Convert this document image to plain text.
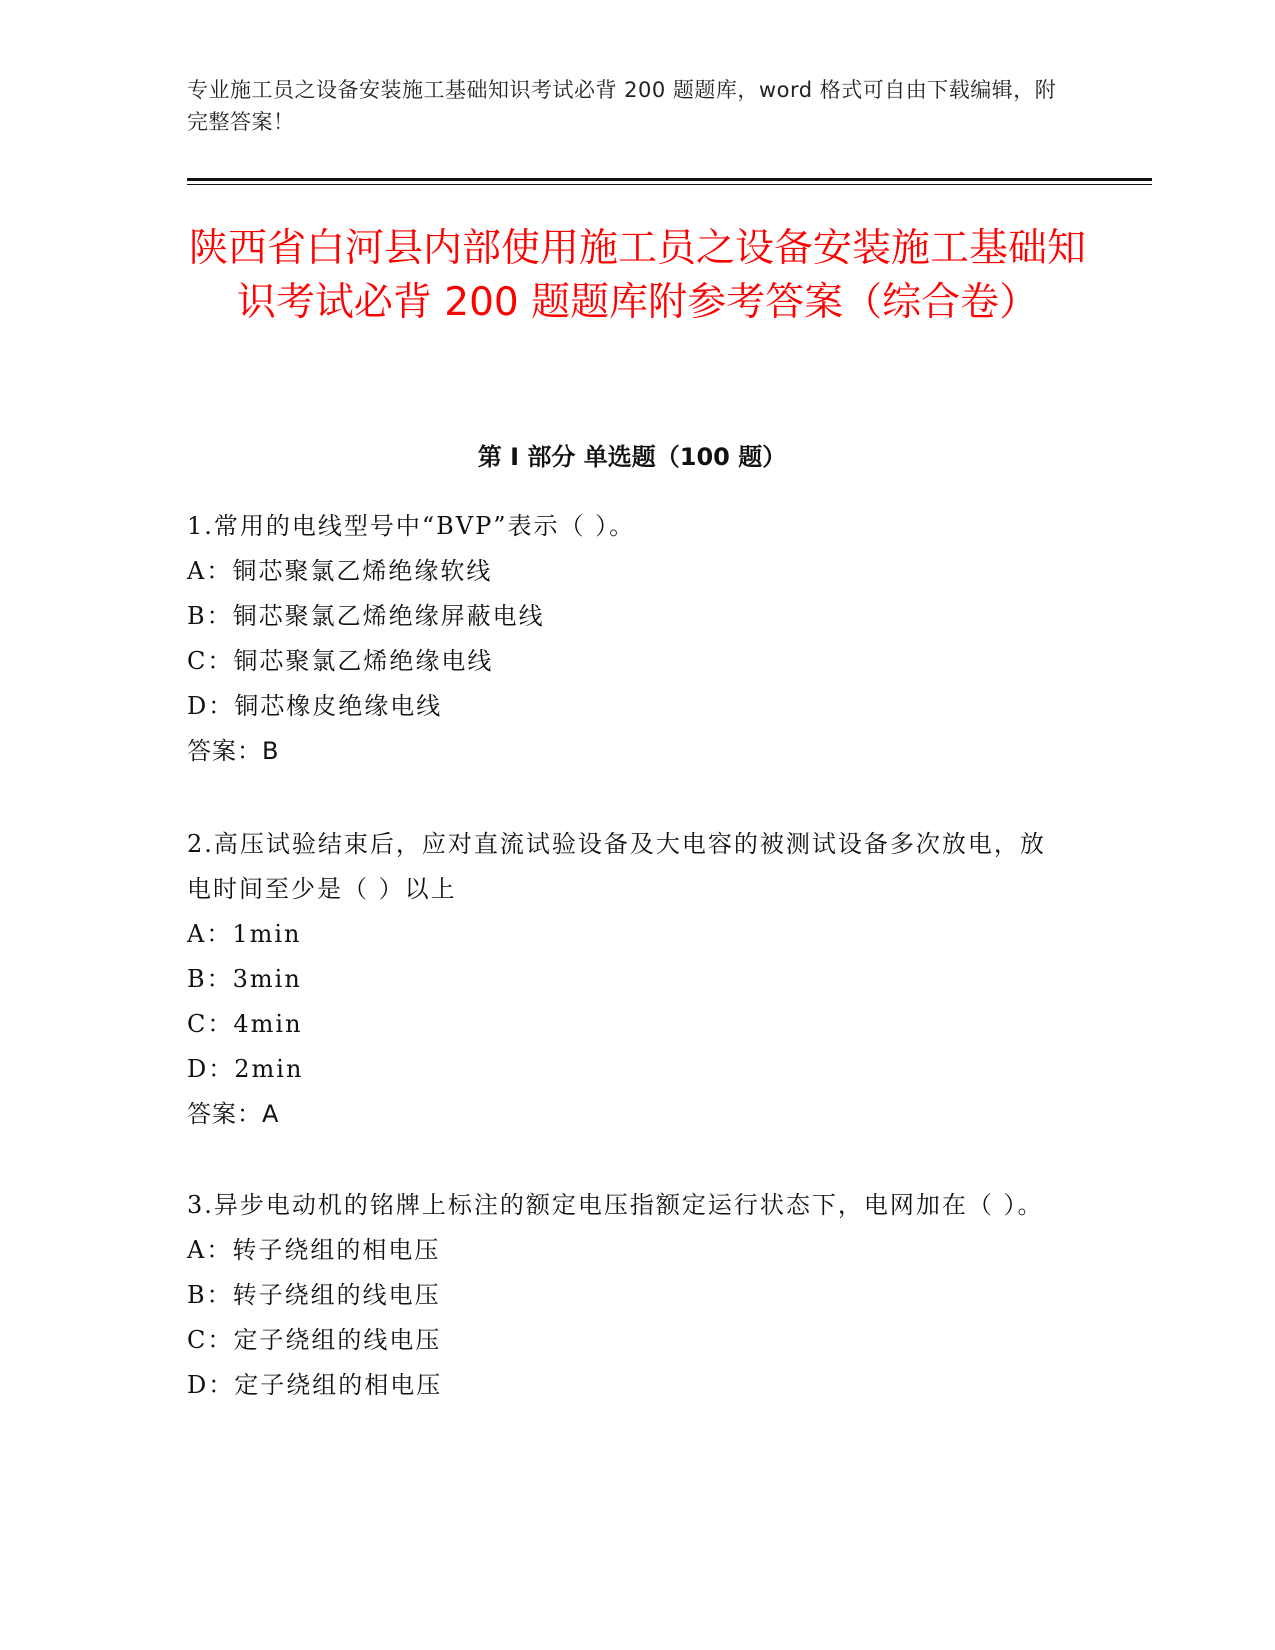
专业施工员之设备安装施工基础知识考试必背 200 题题库，word 格式可自由下载编辑，附完整答案！
陕西省白河县内部使用施工员之设备安装施工基础知识考试必背 200 题题库附参考答案（综合卷）
第 I 部分 单选题（100 题）

1.常用的电线型号中“BVP”表示（ ）。

A：铜芯聚氯乙烯绝缘软线

B：铜芯聚氯乙烯绝缘屏蔽电线

C：铜芯聚氯乙烯绝缘电线

D：铜芯橡皮绝缘电线

答案：B

2.高压试验结束后，应对直流试验设备及大电容的被测试设备多次放电，放电时间至少是（ ）以上

A：1min

B：3min

C：4min

D：2min

答案：A

3.异步电动机的铭牌上标注的额定电压指额定运行状态下，电网加在（ ）。

A：转子绕组的相电压

B：转子绕组的线电压

C：定子绕组的线电压

D：定子绕组的相电压
